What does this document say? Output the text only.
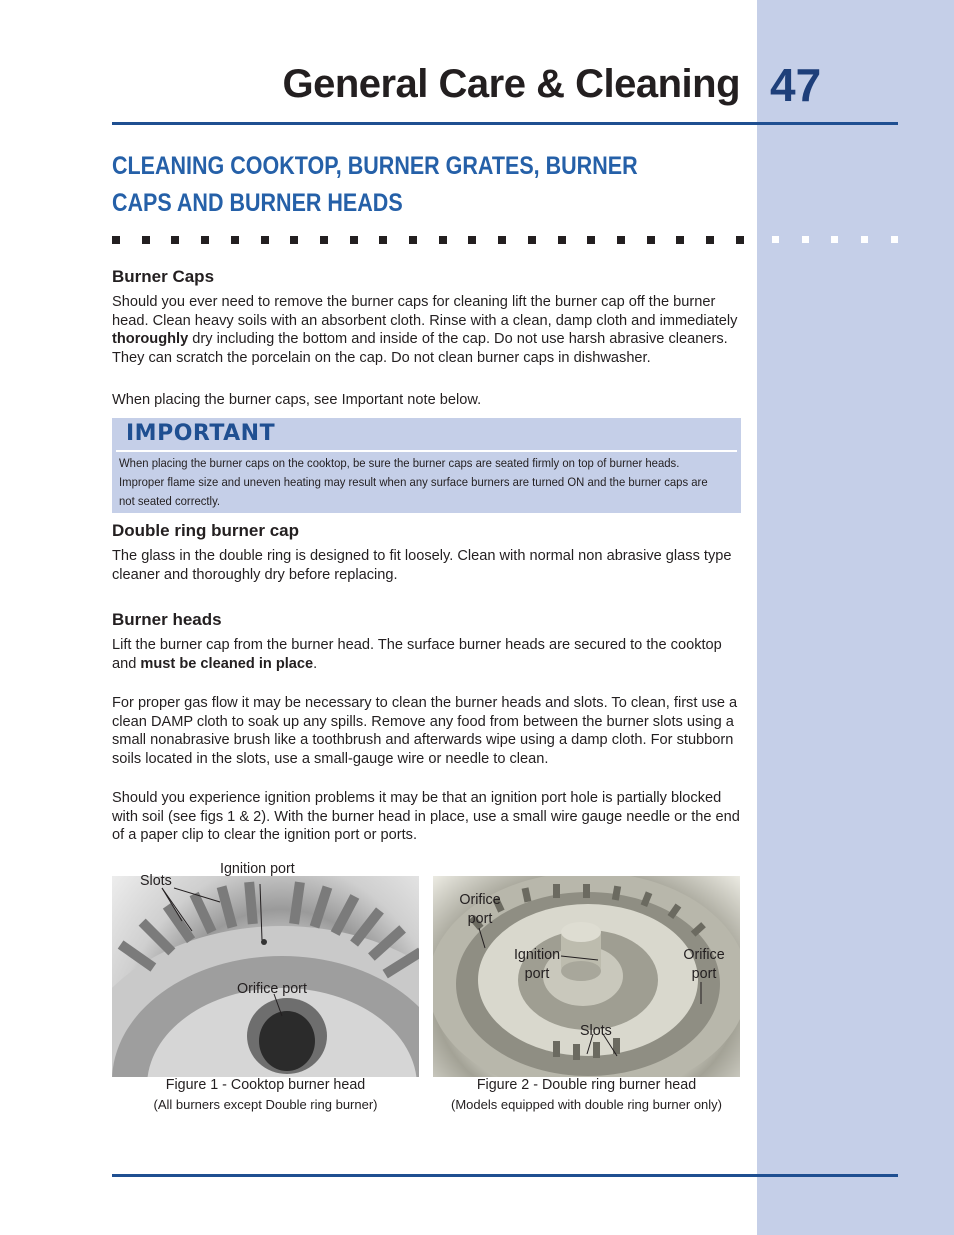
General Care & Cleaning 47
CLEANING COOKTOP, BURNER GRATES, BURNER
CAPS AND BURNER HEADS
Burner Caps
Should you ever need to remove the burner caps for cleaning lift the burner cap off the burner head. Clean heavy soils with an absorbent cloth. Rinse with a clean, damp cloth and immediately thoroughly dry including the bottom and inside of the cap. Do not use harsh abrasive cleaners. They can scratch the porcelain on the cap. Do not clean burner caps in dishwasher.
When placing the burner caps, see Important note below.
IMPORTANT
When placing the burner caps on the cooktop, be sure the burner caps are seated firmly on top of burner heads. Improper flame size and uneven heating may result when any surface burners are turned ON and the burner caps are not seated correctly.
Double ring burner cap
The glass in the double ring is designed to fit loosely. Clean with normal non abrasive glass type cleaner and thoroughly dry before replacing.
Burner heads
Lift the burner cap from the burner head. The surface burner heads are secured to the cooktop and must be cleaned in place.
For proper gas flow it may be necessary to clean the burner heads and slots. To clean, first use a clean DAMP cloth to soak up any spills. Remove any food from between the burner slots using a small nonabrasive brush like a toothbrush and afterwards wipe using a damp cloth. For stubborn soils located in the slots, use a small-gauge wire or needle to clean.
Should you experience ignition problems it may be that an ignition port hole is partially blocked with soil (see figs 1 & 2). With the burner head in place, use a small wire gauge needle or the end of a paper clip to clear the ignition port or ports.
Slots
Ignition port
Orifice port
Figure 1 - Cooktop burner head
(All burners except Double ring burner)
Orifice
port
Ignition
port
Orifice
port
Slots
Figure 2 - Double ring burner head
(Models equipped with double ring burner only)
